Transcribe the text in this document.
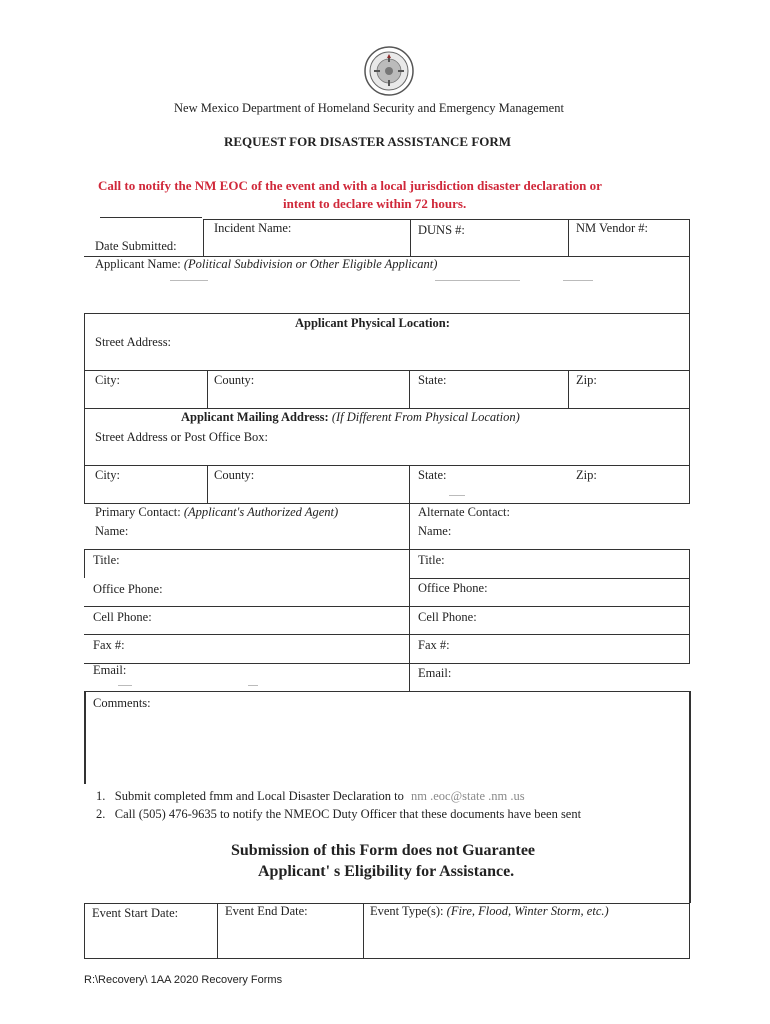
New Mexico Department of Homeland Security and Emergency Management
REQUEST FOR DISASTER ASSISTANCE FORM
Call to notify the NM EOC of the event and with a local jurisdiction disaster declaration or
intent to declare within 72 hours.
Date Submitted:
Incident Name:	DUNS #:	NM Vendor #:
Applicant Name: (Political Subdivision or Other Eligible Applicant)
Applicant Physical Location:
Street Address:
City:	County:	State:	Zip:
Applicant Mailing Address: (If Different From Physical Location)
Street Address or Post Office Box:
City:	County:	State:	Zip:
Primary Contact: (Applicant's Authorized Agent)
Name:
Alternate Contact:
Name:
Title:	Title:
Office Phone:	Office Phone:
Cell Phone:	Cell Phone:
Fax #:	Fax #:
Email:	Email:
Comments:
1. Submit completed fmm and Local Disaster Declaration to nm .eoc@state .nm .us
2. Call (505) 476-9635 to notify the NMEOC Duty Officer that these documents have been sent
Submission of this Form does not Guarantee
Applicant' s Eligibility for Assistance.
Event Start Date:	Event End Date:	Event Type(s): (Fire, Flood, Winter Storm, etc.)
R:\Recovery\ 1AA 2020 Recovery Forms
